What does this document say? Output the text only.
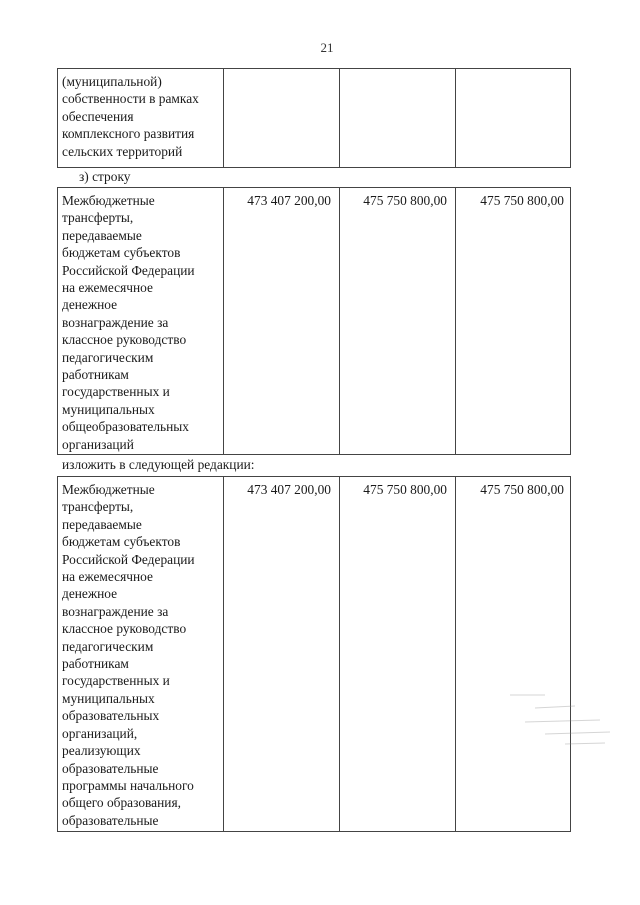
21
(муниципальной)
собственности в рамках
обеспечения
комплексного развития
сельских территорий
з) строку
Межбюджетные
трансферты,
передаваемые
бюджетам субъектов
Российской Федерации
на ежемесячное
денежное
вознаграждение за
классное руководство
педагогическим
работникам
государственных и
муниципальных
общеобразовательных
организаций
473 407 200,00	475 750 800,00	475 750 800,00
изложить в следующей редакции:
Межбюджетные
трансферты,
передаваемые
бюджетам субъектов
Российской Федерации
на ежемесячное
денежное
вознаграждение за
классное руководство
педагогическим
работникам
государственных и
муниципальных
образовательных
организаций,
реализующих
образовательные
программы начального
общего образования,
образовательные
473 407 200,00	475 750 800,00	475 750 800,00
